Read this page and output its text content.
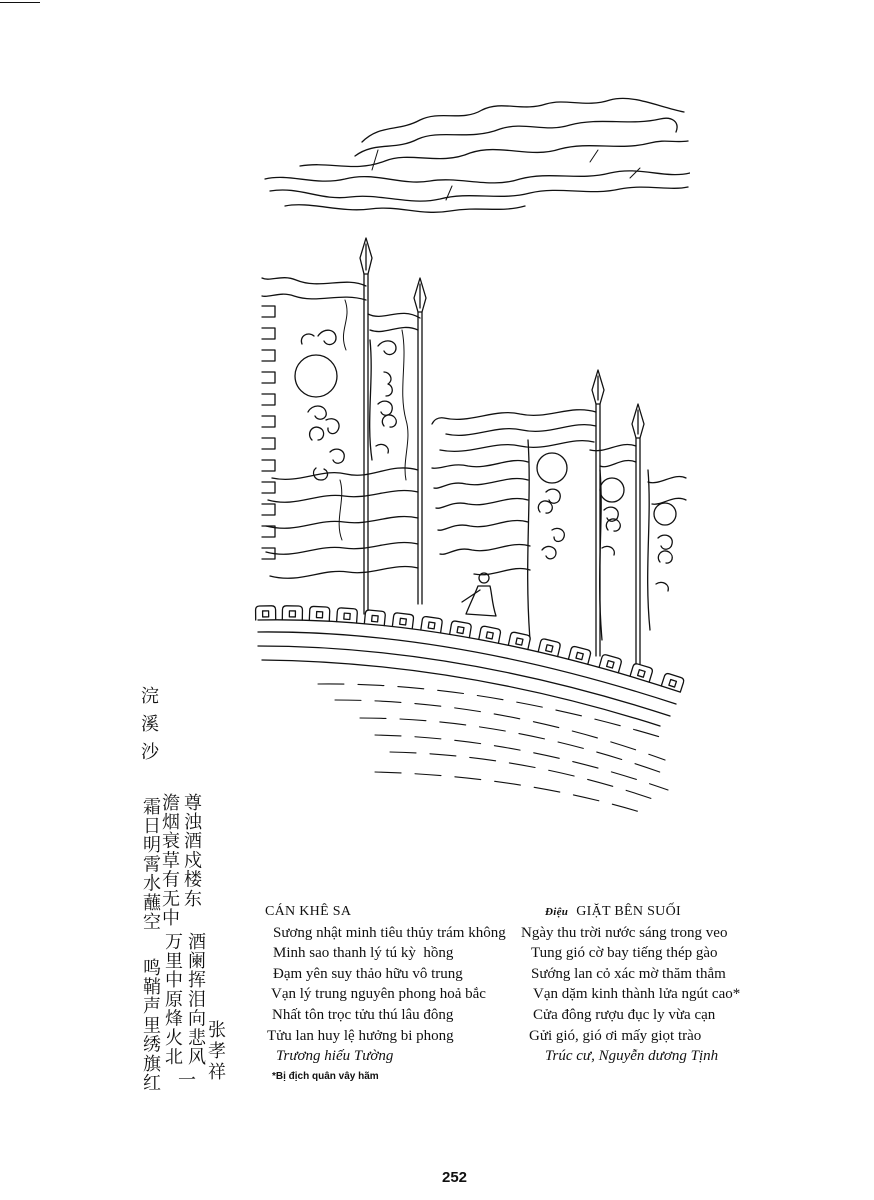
浣溪沙
霜日明霄水蘸空
鸣鞘声里绣旗红
澹烟衰草有无中
万里中原烽火北
一
尊浊酒戍楼东
酒阑挥泪向悲风 张孝祥
CÁN KHÊ SA
Sương nhật minh tiêu thủy trám không
Minh sao thanh lý tú kỳ  hồng
Đạm yên suy thảo hữu vô trung
Vạn lý trung nguyên phong hoả bắc
Nhất tôn trọc tửu thú lâu đông
Tửu lan huy lệ hưởng bi phong
Trương hiếu Tường
*Bị địch quân vây hãm
Điệu GIẶT BÊN SUỐI
Ngày thu trời nước sáng trong veo
Tung gió cờ bay tiếng thép gào
Sướng lan cỏ xác mờ thăm thẳm
Vạn dặm kinh thành lửa ngút cao*
Cửa đông rượu đục ly vừa cạn
Gửi gió, gió ơi mấy giọt trào
Trúc cư, Nguyễn dương Tịnh
252
